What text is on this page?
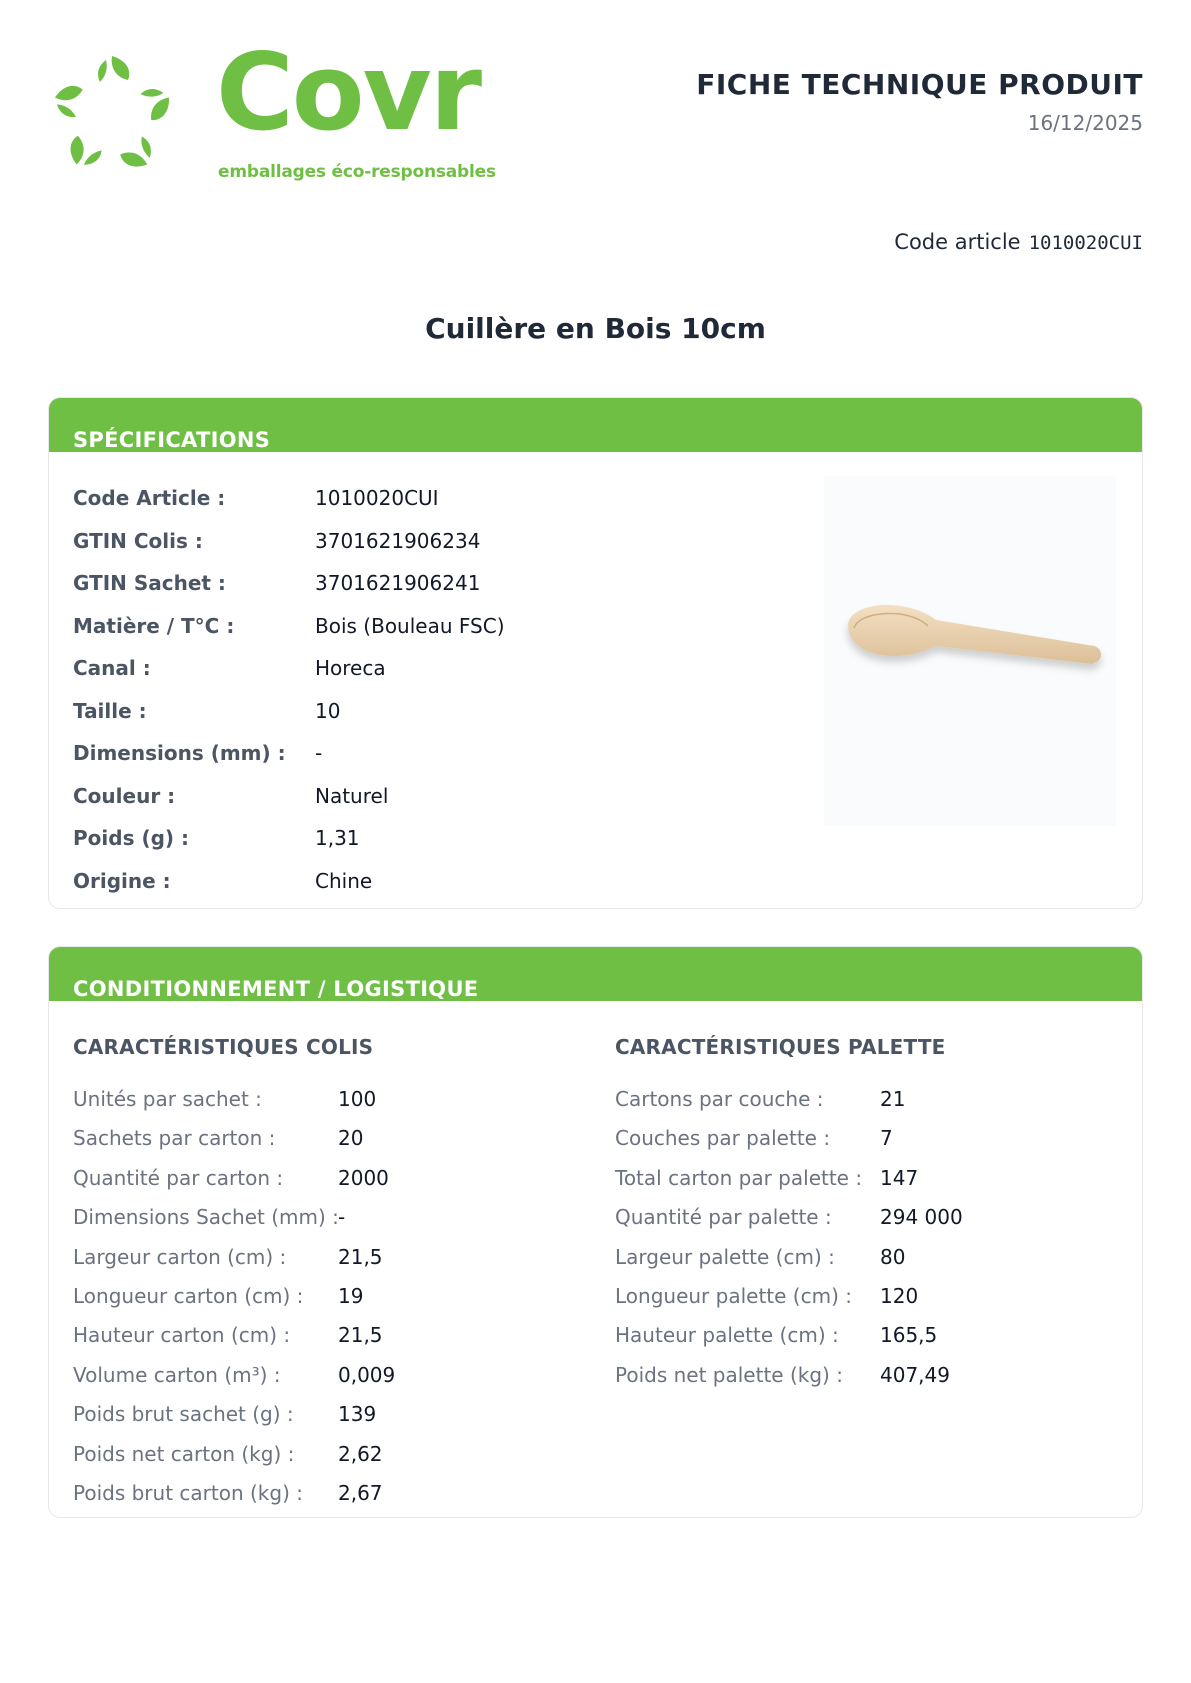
Covr
emballages éco-responsables
FICHE TECHNIQUE PRODUIT
16/12/2025
Code article 1010020CUI
Cuillère en Bois 10cm
SPÉCIFICATIONS
Code Article :	1010020CUI
GTIN Colis :	3701621906234
GTIN Sachet :	3701621906241
Matière / T°C :	Bois (Bouleau FSC)
Canal :	Horeca
Taille :	10
Dimensions (mm) : -
Couleur :	Naturel
Poids (g) :	1,31
Origine :	Chine
CONDITIONNEMENT / LOGISTIQUE
CARACTÉRISTIQUES COLIS	CARACTÉRISTIQUES PALETTE
Unités par sachet :	100
Sachets par carton :	20
Quantité par carton :	2000
Dimensions Sachet (mm) : -
Largeur carton (cm) :	21,5
Longueur carton (cm) : 19
Hauteur carton (cm) : 21,5
Volume carton (m³) :	0,009
Poids brut sachet (g) : 139
Poids net carton (kg) : 2,62
Poids brut carton (kg) : 2,67
Cartons par couche :	21
Couches par palette : 7
Total carton par palette : 147
Quantité par palette : 294 000
Largeur palette (cm) : 80
Longueur palette (cm) : 120
Hauteur palette (cm) : 165,5
Poids net palette (kg) : 407,49
